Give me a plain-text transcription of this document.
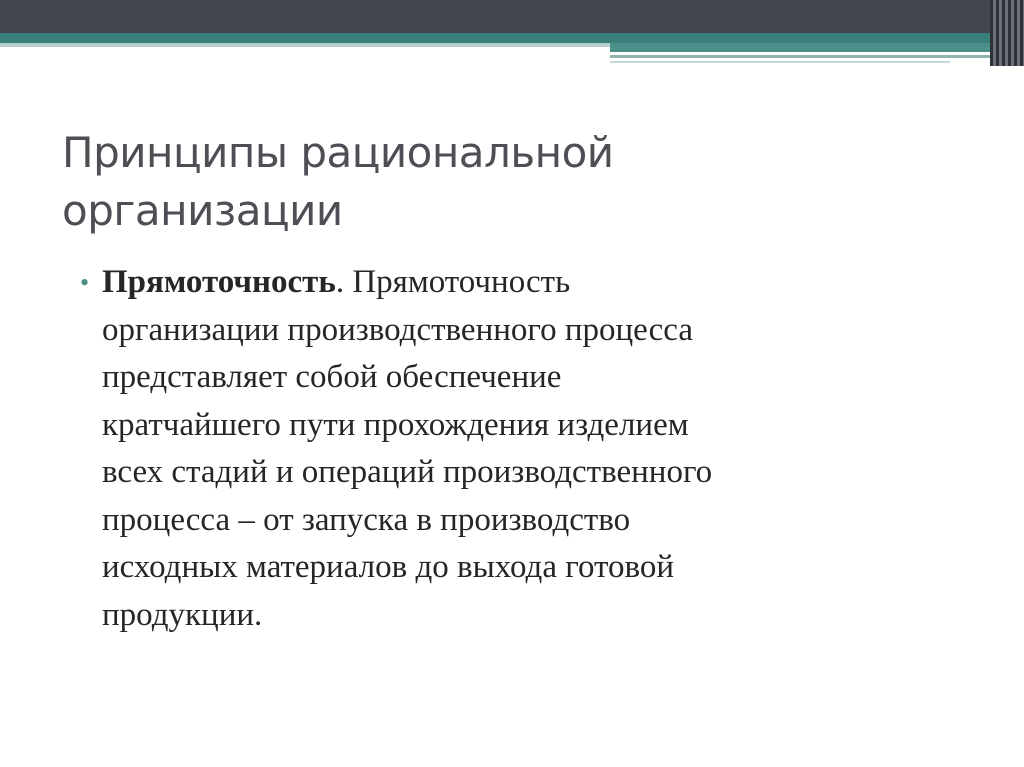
Принципы рациональной
организации
• Прямоточность. Прямоточность
организации производственного процесса
представляет собой обеспечение
кратчайшего пути прохождения изделием
всех стадий и операций производственного
процесса – от запуска в производство
исходных материалов до выхода готовой
продукции.
